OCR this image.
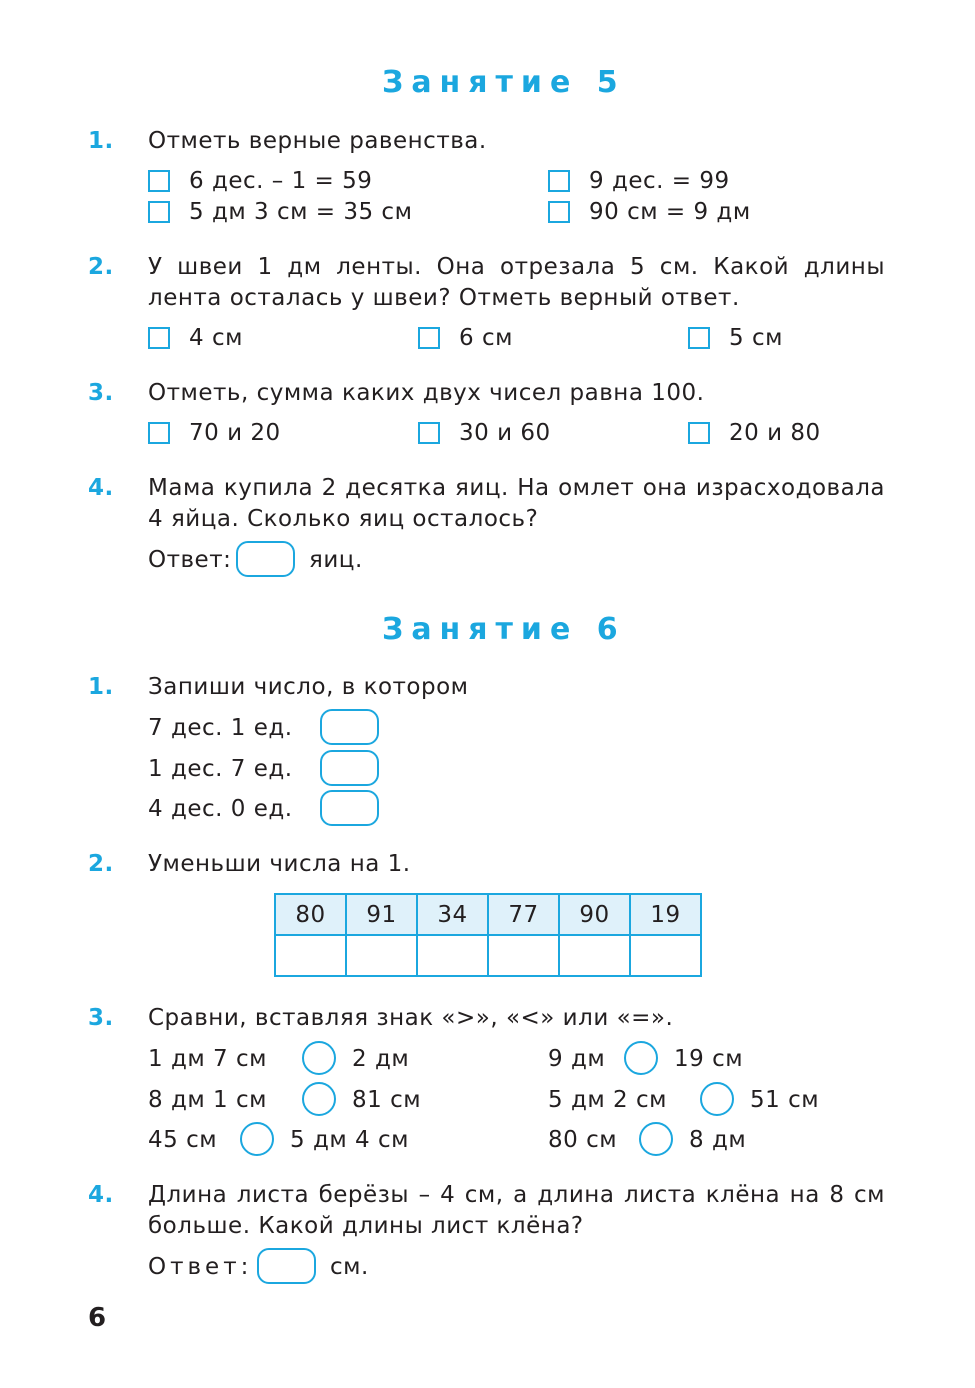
Занятие 5
1. Отметь верные равенства.
6 дес. – 1 = 59	9 дес. = 99
5 дм 3 см = 35 см	90 см = 9 дм
2. У швеи 1 дм ленты. Она отрезала 5 см. Какой длины
лента осталась у швеи? Отметь верный ответ.
4 см	6 см	5 см
3. Отметь, сумма каких двух чисел равна 100.
70 и 20	30 и 60	20 и 80
4. Мама купила 2 десятка яиц. На омлет она израсходовала
4 яйца. Сколько яиц осталось?
Ответ:	яиц.
Занятие 6
1. Запиши число, в котором
7 дес. 1 ед.
1 дес. 7 ед.
4 дес. 0 ед.
2. Уменьши числа на 1.
80	91	34	77	90	19

3. Сравни, вставляя знак «>», «<» или «=».
1 дм 7 см	2 дм	9 дм	19 см
8 дм 1 см	81 см	5 дм 2 см	51 см
45 см	5 дм 4 см	80 см	8 дм
4. Длина листа берёзы – 4 см, а длина листа клёна на 8 см
больше. Какой длины лист клёна?
Ответ:	см.
6
